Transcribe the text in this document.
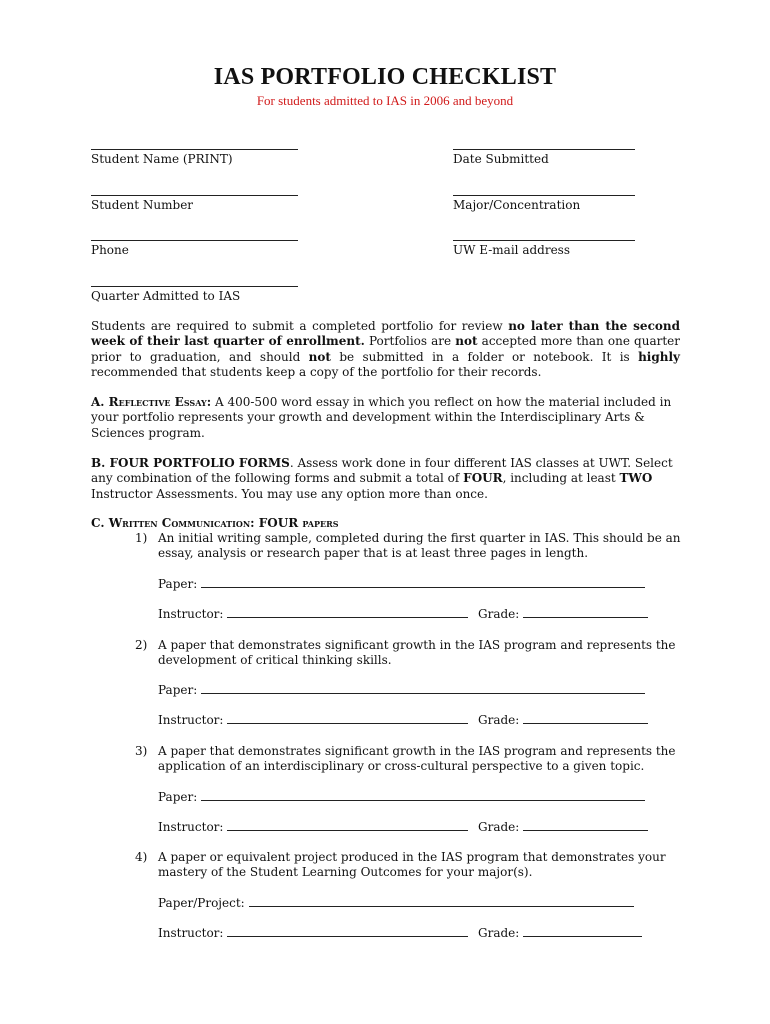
IAS PORTFOLIO CHECKLIST
For students admitted to IAS in 2006 and beyond
Student Name (PRINT)	Date Submitted
Student Number	Major/Concentration
Phone	UW E-mail address
Quarter Admitted to IAS
Students are required to submit a completed portfolio for review no later than the second week of their last quarter of enrollment. Portfolios are not accepted more than one quarter prior to graduation, and should not be submitted in a folder or notebook. It is highly recommended that students keep a copy of the portfolio for their records.
A. Reflective Essay: A 400-500 word essay in which you reflect on how the material included in your portfolio represents your growth and development within the Interdisciplinary Arts & Sciences program.
B. FOUR PORTFOLIO FORMS. Assess work done in four different IAS classes at UWT. Select any combination of the following forms and submit a total of FOUR, including at least TWO Instructor Assessments. You may use any option more than once.
C. Written Communication: FOUR papers
1) An initial writing sample, completed during the first quarter in IAS. This should be an essay, analysis or research paper that is at least three pages in length.
Paper:
Instructor:	Grade:
2) A paper that demonstrates significant growth in the IAS program and represents the development of critical thinking skills.
Paper:
Instructor:	Grade:
3) A paper that demonstrates significant growth in the IAS program and represents the application of an interdisciplinary or cross-cultural perspective to a given topic.
Paper:
Instructor:	Grade:
4) A paper or equivalent project produced in the IAS program that demonstrates your mastery of the Student Learning Outcomes for your major(s).
Paper/Project:
Instructor:	Grade:
